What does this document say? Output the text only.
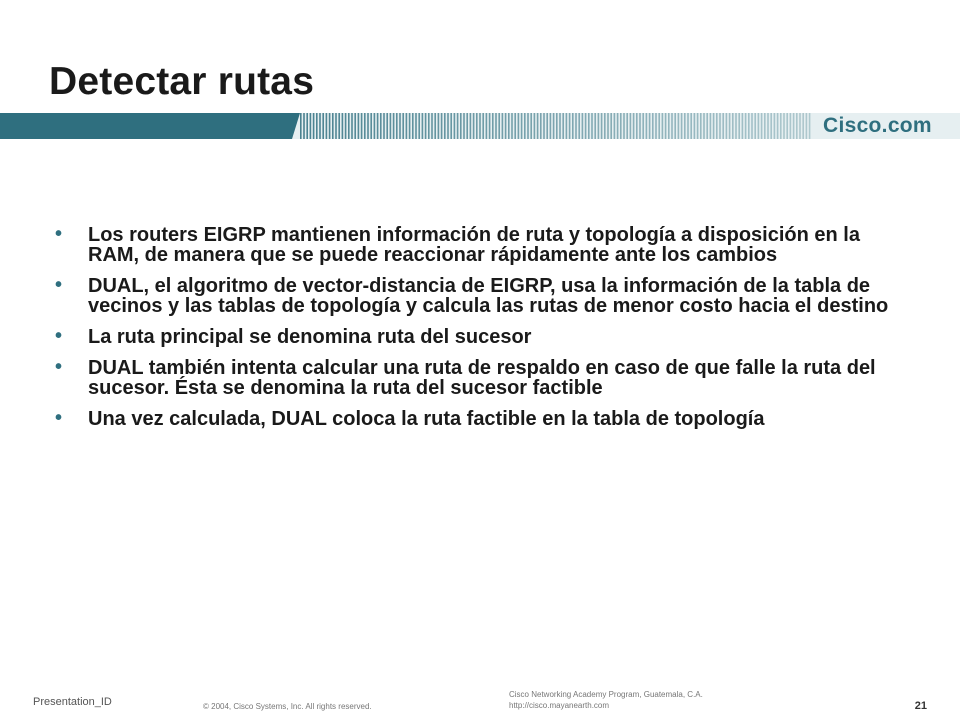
Detectar rutas
Cisco.com
• Los routers EIGRP mantienen información de ruta y topología a disposición en la RAM, de manera que se puede reaccionar rápidamente ante los cambios
• DUAL, el algoritmo de vector-distancia de EIGRP, usa la información de la tabla de vecinos y las tablas de topología y calcula las rutas de menor costo hacia el destino
• La ruta principal se denomina ruta del sucesor
• DUAL también intenta calcular una ruta de respaldo en caso de que falle la ruta del sucesor. Ésta se denomina la ruta del sucesor factible
• Una vez calculada, DUAL coloca la ruta factible en la tabla de topología
Presentation_ID	© 2004, Cisco Systems, Inc. All rights reserved.
Cisco Networking Academy Program, Guatemala, C.A.
http://cisco.mayanearth.com	21
